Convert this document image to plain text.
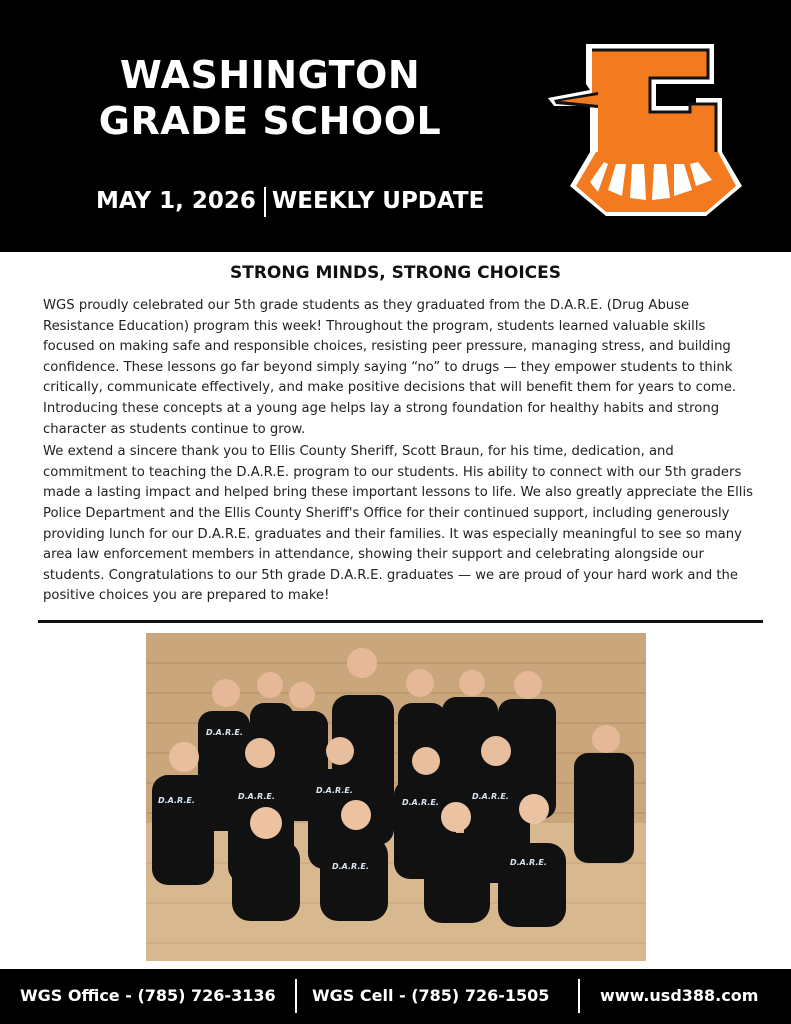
WASHINGTON
GRADE SCHOOL
MAY 1, 2026 WEEKLY UPDATE
STRONG MINDS, STRONG CHOICES

WGS proudly celebrated our 5th grade students as they graduated from the D.A.R.E. (Drug Abuse Resistance Education) program this week! Throughout the program, students learned valuable skills focused on making safe and responsible choices, resisting peer pressure, managing stress, and building confidence. These lessons go far beyond simply saying “no” to drugs — they empower students to think critically, communicate effectively, and make positive decisions that will benefit them for years to come. Introducing these concepts at a young age helps lay a strong foundation for healthy habits and strong character as students continue to grow.

We extend a sincere thank you to Ellis County Sheriff, Scott Braun, for his time, dedication, and commitment to teaching the D.A.R.E. program to our students. His ability to connect with our 5th graders made a lasting impact and helped bring these important lessons to life. We also greatly appreciate the Ellis Police Department and the Ellis County Sheriff's Office for their continued support, including generously providing lunch for our D.A.R.E. graduates and their families. It was especially meaningful to see so many area law enforcement members in attendance, showing their support and celebrating alongside our students. Congratulations to our 5th grade D.A.R.E. graduates — we are proud of your hard work and the positive choices you are prepared to make!

D.A.R.E.
D.A.R.E.	D.A.R.E.
D.A.R.E.
D.A.R.E.
D.A.R.E.
D.A.R.E.	D.A.R.E.
WGS Office - (785) 726-3136 WGS Cell - (785) 726-1505	www.usd388.com
